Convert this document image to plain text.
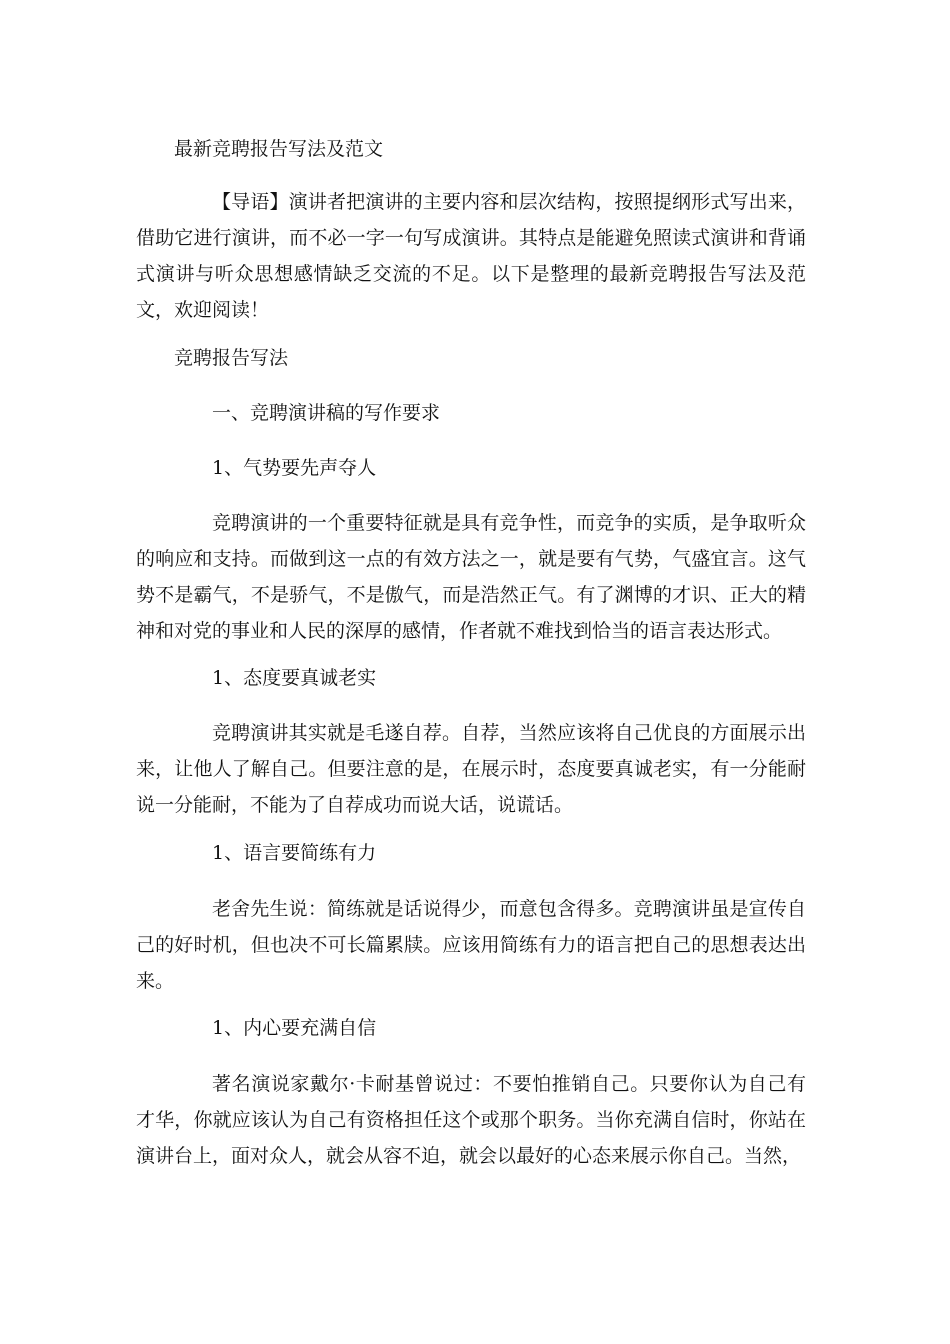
最新竞聘报告写法及范文
【导语】演讲者把演讲的主要内容和层次结构，按照提纲形式写出来，借助它进行演讲，而不必一字一句写成演讲。其特点是能避免照读式演讲和背诵式演讲与听众思想感情缺乏交流的不足。以下是整理的最新竞聘报告写法及范文，欢迎阅读！
竞聘报告写法
一、竞聘演讲稿的写作要求
1、气势要先声夺人
竞聘演讲的一个重要特征就是具有竞争性，而竞争的实质，是争取听众的响应和支持。而做到这一点的有效方法之一，就是要有气势，气盛宜言。这气势不是霸气，不是骄气，不是傲气，而是浩然正气。有了渊博的才识、正大的精神和对党的事业和人民的深厚的感情，作者就不难找到恰当的语言表达形式。
1、态度要真诚老实
竞聘演讲其实就是毛遂自荐。自荐，当然应该将自己优良的方面展示出来，让他人了解自己。但要注意的是，在展示时，态度要真诚老实，有一分能耐说一分能耐，不能为了自荐成功而说大话，说谎话。
1、语言要简练有力
老舍先生说：简练就是话说得少，而意包含得多。竞聘演讲虽是宣传自己的好时机，但也决不可长篇累牍。应该用简练有力的语言把自己的思想表达出来。
1、内心要充满自信
著名演说家戴尔·卡耐基曾说过：不要怕推销自己。只要你认为自己有才华，你就应该认为自己有资格担任这个或那个职务。当你充满自信时，你站在演讲台上，面对众人，就会从容不迫，就会以最好的心态来展示你自己。当然，
